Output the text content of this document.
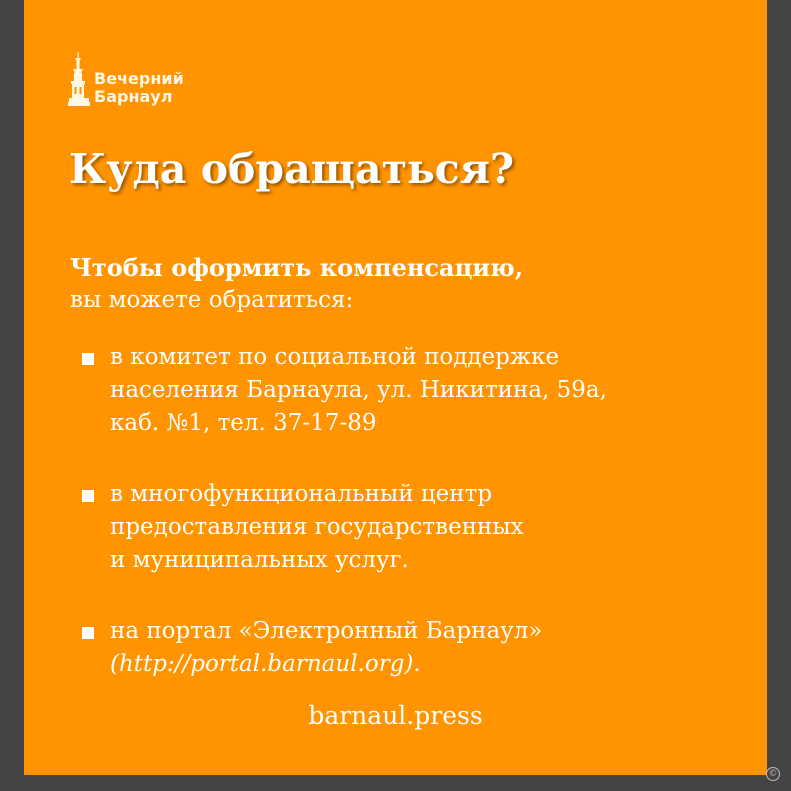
Вечерний
Барнаул
Куда обращаться?
Чтобы оформить компенсацию,
вы можете обратиться:
в комитет по социальной поддержке
населения Барнаула, ул. Никитина, 59а,
каб. №1, тел. 37-17-89
в многофункциональный центр
предоставления государственных
и муниципальных услуг.
на портал «Электронный Барнаул»
(http://portal.barnaul.org).
barnaul.press
©
